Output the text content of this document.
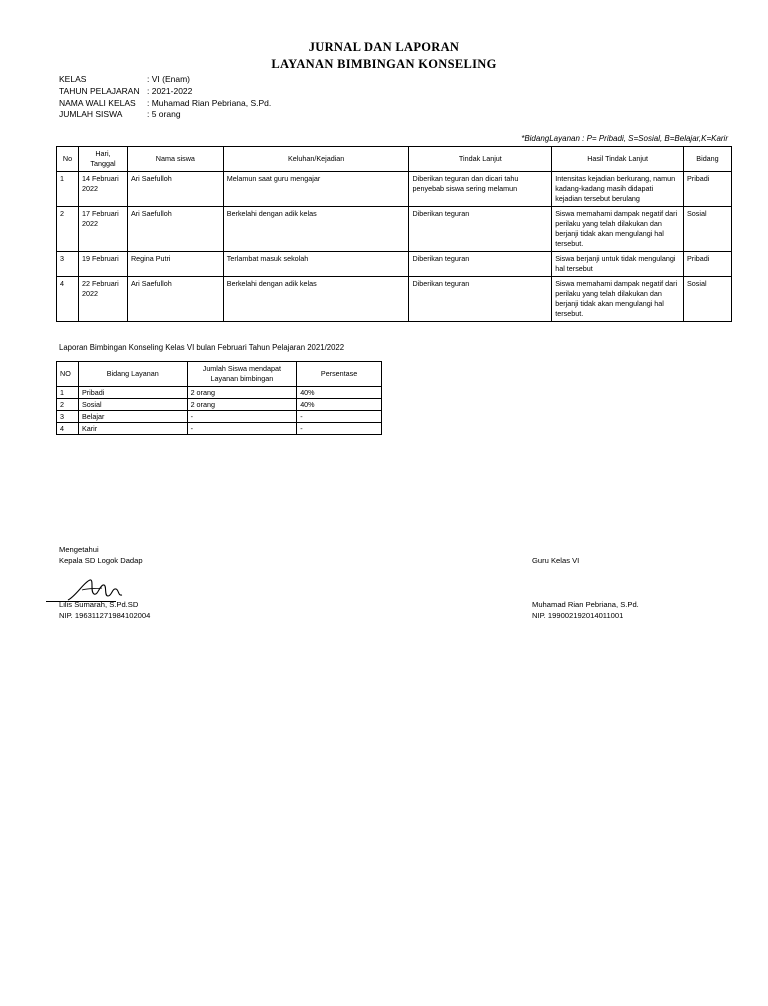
JURNAL DAN LAPORAN
LAYANAN BIMBINGAN KONSELING
KELAS	: VI (Enam)
TAHUN PELAJARAN : 2021-2022
NAMA WALI KELAS	: Muhamad Rian Pebriana, S.Pd.
JUMLAH SISWA	: 5 orang
*BidangLayanan : P= Pribadi, S=Sosial, B=Belajar,K=Karir
No	Hari, Tanggal	Nama siswa	Keluhan/Kejadian	Tindak Lanjut	Hasil Tindak Lanjut	Bidang
1	14 Februari 2022	Ari Saefulloh	Melamun saat guru mengajar	Diberikan teguran dan dicari tahu penyebab siswa sering melamun	Intensitas kejadian berkurang, namun kadang-kadang masih didapati kejadian tersebut berulang	Pribadi
2	17 Februari 2022	Ari Saefulloh	Berkelahi dengan adik kelas	Diberikan teguran	Siswa memahami dampak negatif dari perilaku yang telah dilakukan dan berjanji tidak akan mengulangi hal tersebut.	Sosial
3	19 Februari	Regina Putri	Terlambat masuk sekolah	Diberikan teguran	Siswa berjanji untuk tidak mengulangi hal tersebut	Pribadi
4	22 Februari 2022	Ari Saefulloh	Berkelahi dengan adik kelas	Diberikan teguran	Siswa memahami dampak negatif dari perilaku yang telah dilakukan dan berjanji tidak akan mengulangi hal tersebut.	Sosial
Laporan Bimbingan Konseling Kelas VI bulan Februari Tahun Pelajaran 2021/2022
NO	Bidang Layanan	Jumlah Siswa mendapat Layanan bimbingan	Persentase
1	Pribadi	2 orang	40%
2	Sosial	2 orang	40%
3	Belajar	-	-
4	Karir	-	-
Mengetahui
Kepala SD Logok Dadap
Lilis Sumarah, S.Pd.SD
NIP. 196311271984102004
Guru Kelas VI
Muhamad Rian Pebriana, S.Pd.
NIP. 199002192014011001
